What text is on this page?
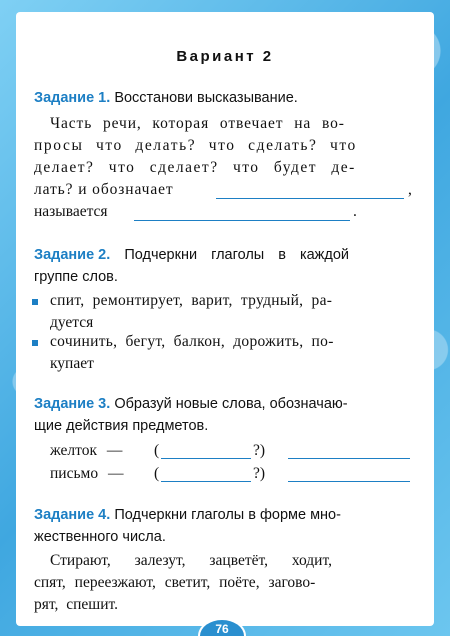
Вариант 2
Задание 1. Восстанови высказывание.
Часть речи, которая отвечает на во-
просы что делать? что сделать? что
делает? что сделает? что будет де-
лать? и обозначает	,
называется	.
Задание 2. Подчеркни глаголы в каждой
группе слов.
спит, ремонтирует, варит, трудный, ра-
дуется
сочинить, бегут, балкон, дорожить, по-
купает
Задание 3. Образуй новые слова, обозначаю-
щие действия предметов.
желток — (	?)
письмо — (	?)
Задание 4. Подчеркни глаголы в форме мно-
жественного числа.
Стирают, залезут, зацветёт, ходит,
спят, переезжают, светит, поёте, загово-
рят, спешит.
76
